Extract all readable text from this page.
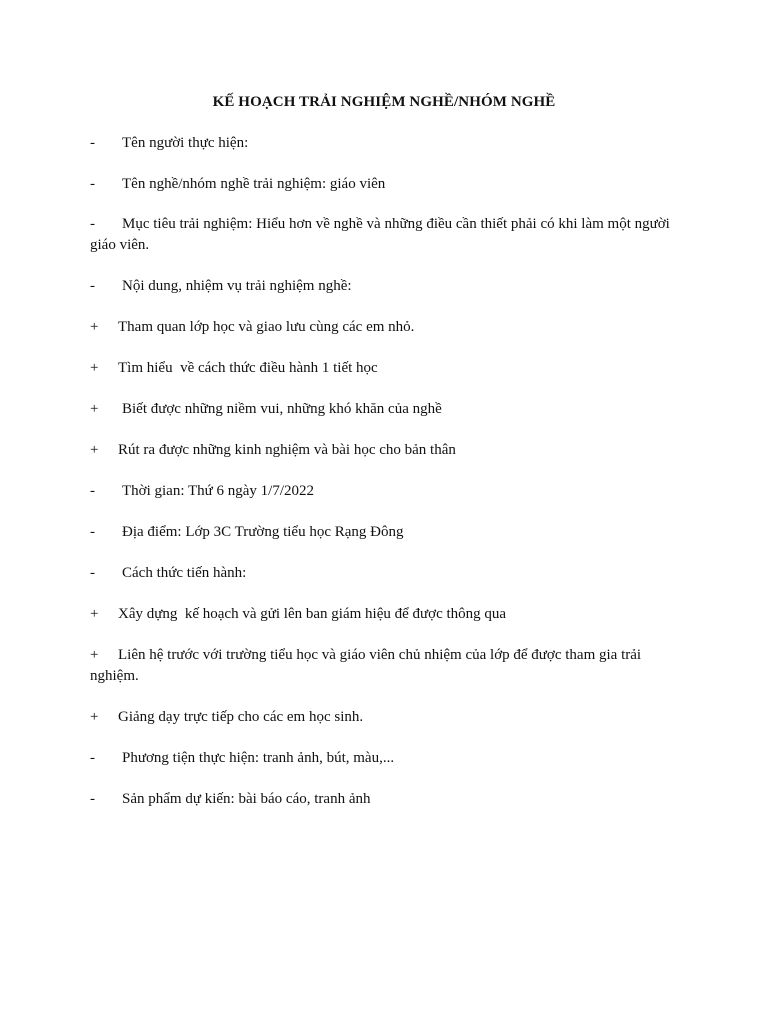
KẾ HOẠCH TRẢI NGHIỆM NGHỀ/NHÓM NGHỀ
- Tên người thực hiện:
- Tên nghề/nhóm nghề trải nghiệm: giáo viên
- Mục tiêu trải nghiệm: Hiểu hơn về nghề và những điều cần thiết phải có khi làm một người giáo viên.
- Nội dung, nhiệm vụ trải nghiệm nghề:
+ Tham quan lớp học và giao lưu cùng các em nhỏ.
+ Tìm hiểu  về cách thức điều hành 1 tiết học
+ Biết được những niềm vui, những khó khăn của nghề
+ Rút ra được những kinh nghiệm và bài học cho bản thân
- Thời gian: Thứ 6 ngày 1/7/2022
- Địa điểm: Lớp 3C Trường tiểu học Rạng Đông
- Cách thức tiến hành:
+ Xây dựng  kế hoạch và gửi lên ban giám hiệu để được thông qua
+ Liên hệ trước với trường tiểu học và giáo viên chủ nhiệm của lớp để được tham gia trải nghiệm.
+ Giảng dạy trực tiếp cho các em học sinh.
- Phương tiện thực hiện: tranh ảnh, bút, màu,...
- Sản phẩm dự kiến: bài báo cáo, tranh ảnh
